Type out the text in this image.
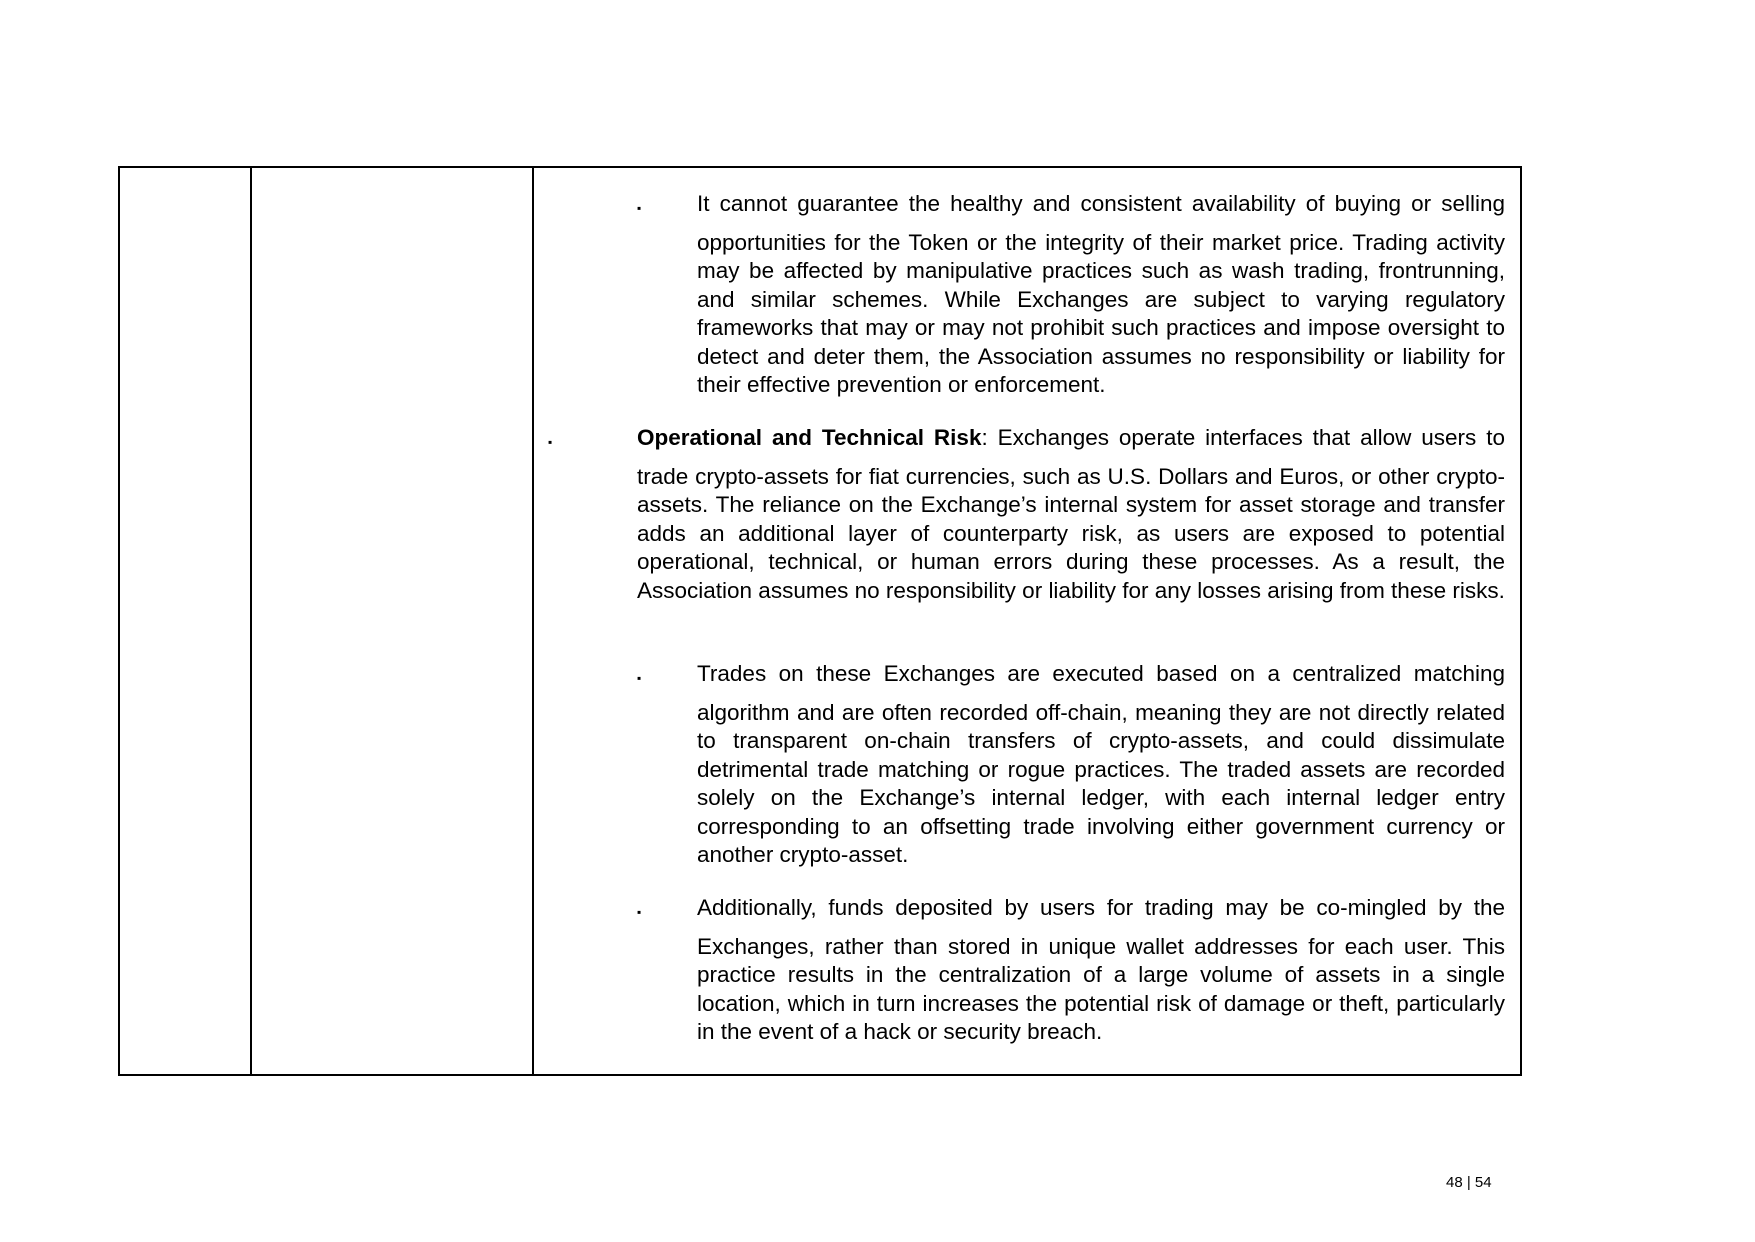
▪ It cannot guarantee the healthy and consistent availability of buying or selling
opportunities for the Token or the integrity of their market price. Trading activity may be affected by manipulative practices such as wash trading, frontrunning, and similar schemes. While Exchanges are subject to varying regulatory frameworks that may or may not prohibit such practices and impose oversight to detect and deter them, the Association assumes no responsibility or liability for their effective prevention or enforcement.
▪	Operational and Technical Risk: Exchanges operate interfaces that allow users to
trade crypto-assets for fiat currencies, such as U.S. Dollars and Euros, or other crypto-assets. The reliance on the Exchange’s internal system for asset storage and transfer adds an additional layer of counterparty risk, as users are exposed to potential operational, technical, or human errors during these processes. As a result, the Association assumes no responsibility or liability for any losses arising from these risks.
▪ Trades on these Exchanges are executed based on a centralized matching
algorithm and are often recorded off-chain, meaning they are not directly related to transparent on-chain transfers of crypto-assets, and could dissimulate detrimental trade matching or rogue practices. The traded assets are recorded solely on the Exchange’s internal ledger, with each internal ledger entry corresponding to an offsetting trade involving either government currency or another crypto-asset.
▪ Additionally, funds deposited by users for trading may be co-mingled by the
Exchanges, rather than stored in unique wallet addresses for each user. This practice results in the centralization of a large volume of assets in a single location, which in turn increases the potential risk of damage or theft, particularly in the event of a hack or security breach.
48 | 54
